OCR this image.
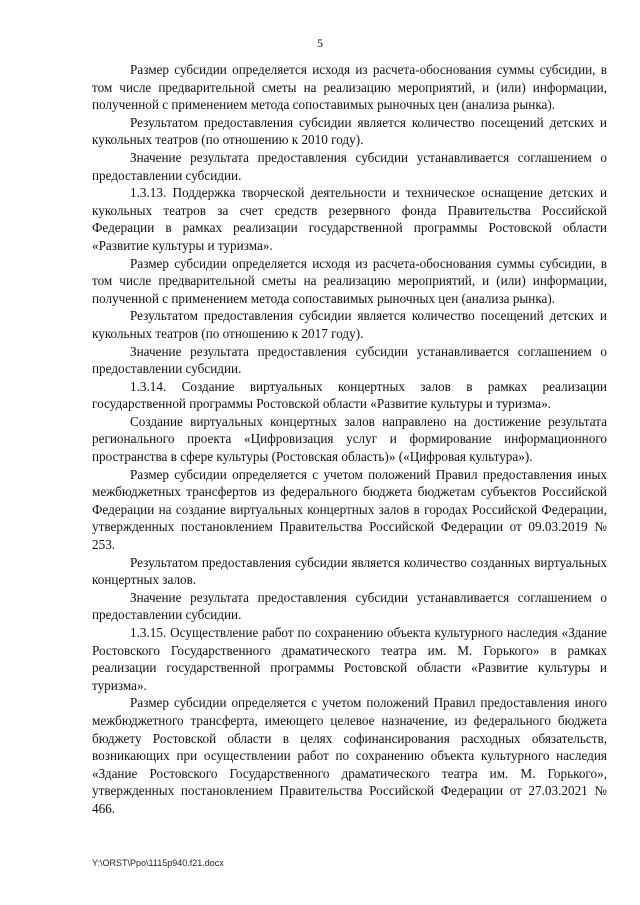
5

Размер субсидии определяется исходя из расчета-обоснования суммы субсидии, в том числе предварительной сметы на реализацию мероприятий, и (или) информации, полученной с применением метода сопоставимых рыночных цен (анализа рынка).

Результатом предоставления субсидии является количество посещений детских и кукольных театров (по отношению к 2010 году).

Значение результата предоставления субсидии устанавливается соглашением о предоставлении субсидии.

1.3.13. Поддержка творческой деятельности и техническое оснащение детских и кукольных театров за счет средств резервного фонда Правительства Российской Федерации в рамках реализации государственной программы Ростовской области «Развитие культуры и туризма».

Размер субсидии определяется исходя из расчета-обоснования суммы субсидии, в том числе предварительной сметы на реализацию мероприятий, и (или) информации, полученной с применением метода сопоставимых рыночных цен (анализа рынка).

Результатом предоставления субсидии является количество посещений детских и кукольных театров (по отношению к 2017 году).

Значение результата предоставления субсидии устанавливается соглашением о предоставлении субсидии.

1.3.14. Создание виртуальных концертных залов в рамках реализации государственной программы Ростовской области «Развитие культуры и туризма».

Создание виртуальных концертных залов направлено на достижение результата регионального проекта «Цифровизация услуг и формирование информационного пространства в сфере культуры (Ростовская область)» («Цифровая культура»).

Размер субсидии определяется с учетом положений Правил предоставления иных межбюджетных трансфертов из федерального бюджета бюджетам субъектов Российской Федерации на создание виртуальных концертных залов в городах Российской Федерации, утвержденных постановлением Правительства Российской Федерации от 09.03.2019 № 253.

Результатом предоставления субсидии является количество созданных виртуальных концертных залов.

Значение результата предоставления субсидии устанавливается соглашением о предоставлении субсидии.

1.3.15. Осуществление работ по сохранению объекта культурного наследия «Здание Ростовского Государственного драматического театра им. М. Горького» в рамках реализации государственной программы Ростовской области «Развитие культуры и туризма».

Размер субсидии определяется с учетом положений Правил предоставления иного межбюджетного трансферта, имеющего целевое назначение, из федерального бюджета бюджету Ростовской области в целях софинансирования расходных обязательств, возникающих при осуществлении работ по сохранению объекта культурного наследия «Здание Ростовского Государственного драматического театра им. М. Горького», утвержденных постановлением Правительства Российской Федерации от 27.03.2021 № 466.

Y:\ORST\Ppo\1115p940.f21.docx
